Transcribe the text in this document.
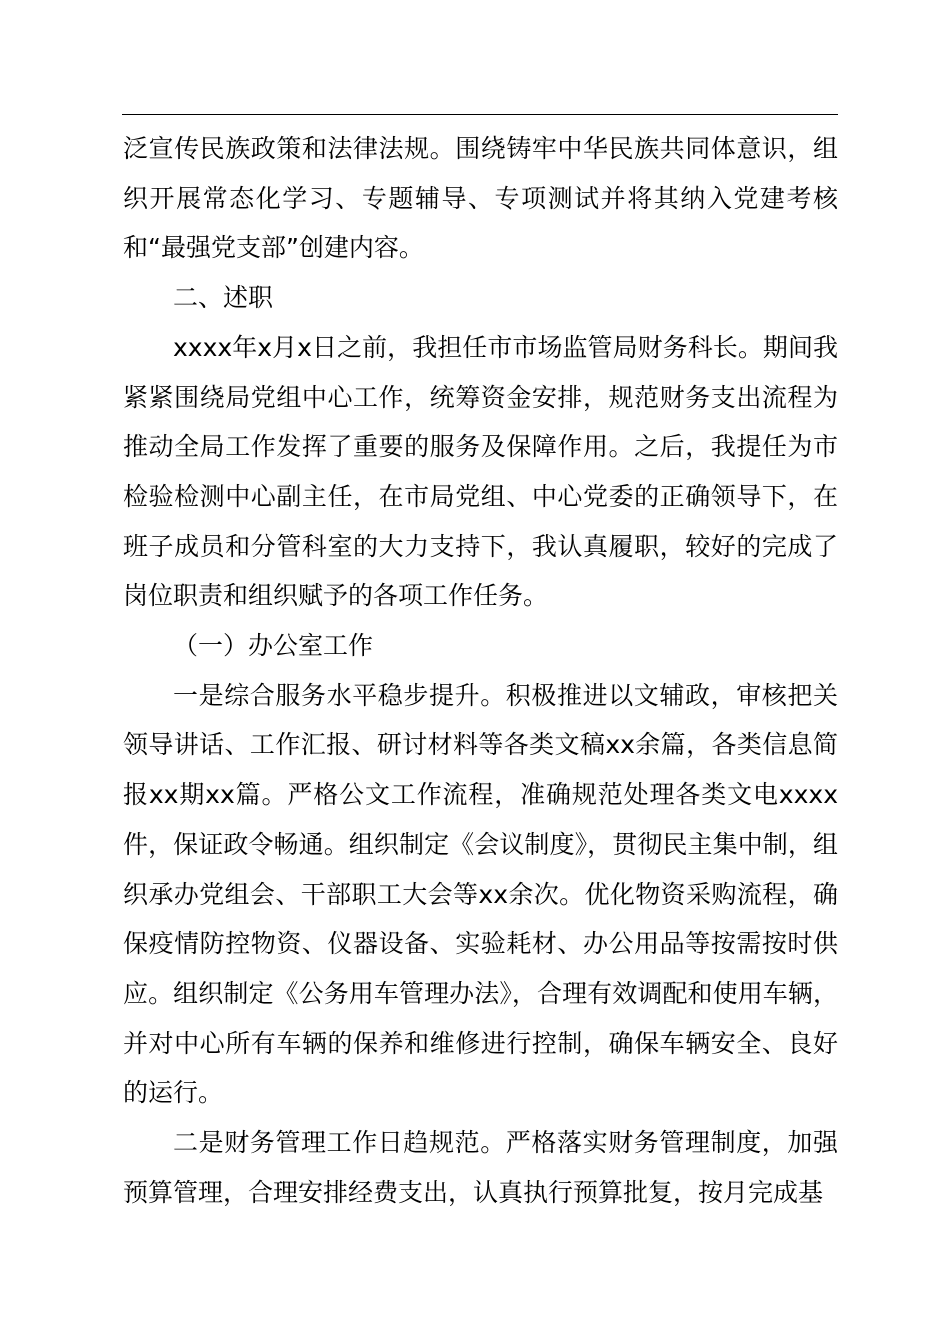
泛宣传民族政策和法律法规。围绕铸牢中华民族共同体意识，组织开展常态化学习、专题辅导、专项测试并将其纳入党建考核和“最强党支部”创建内容。

二、述职

xxxx年x月x日之前，我担任市市场监管局财务科长。期间我紧紧围绕局党组中心工作，统筹资金安排，规范财务支出流程为推动全局工作发挥了重要的服务及保障作用。之后，我提任为市检验检测中心副主任，在市局党组、中心党委的正确领导下，在班子成员和分管科室的大力支持下，我认真履职，较好的完成了岗位职责和组织赋予的各项工作任务。

（一）办公室工作

一是综合服务水平稳步提升。积极推进以文辅政，审核把关领导讲话、工作汇报、研讨材料等各类文稿xx余篇，各类信息简报xx期xx篇。严格公文工作流程，准确规范处理各类文电xxxx件，保证政令畅通。组织制定《会议制度》，贯彻民主集中制，组织承办党组会、干部职工大会等xx余次。优化物资采购流程，确保疫情防控物资、仪器设备、实验耗材、办公用品等按需按时供应。组织制定《公务用车管理办法》，合理有效调配和使用车辆，并对中心所有车辆的保养和维修进行控制，确保车辆安全、良好的运行。

二是财务管理工作日趋规范。严格落实财务管理制度，加强预算管理，合理安排经费支出，认真执行预算批复，按月完成基
